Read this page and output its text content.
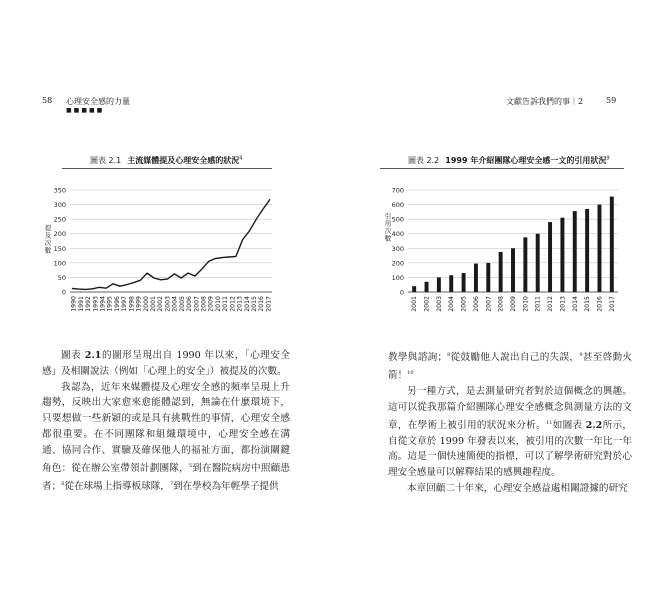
58 心理安全感的力量
■■■■■
圖表 2.1 主流媒體提及心理安全感的狀況$^4$
0
50
100
150
200
250
300
350
提
及
次
數
1990 1991 1992 1993 1994 1995 1996 1997 1998 1999 2000 2001 2002 2003 2004 2005 2006 2007 2008 2009 2010 2011 2012 2013 2014 2015 2016 2017

圖表 2.1的圖形呈現出自 1990 年以來，「心理安全感」及相關說法（例如「心理上的安全」）被提及的次數。

我認為，近年來媒體提及心理安全感的頻率呈現上升趨勢，反映出大家愈來愈能體認到，無論在什麼環境下，只要想做一些新穎的或是具有挑戰性的事情，心理安全感都很重要。在不同團隊和組織環境中，心理安全感在溝通、協同合作、實驗及確保他人的福祉方面，都扮演關鍵角色：從在辦公室帶領計劃團隊，$^5$到在醫院病房中照顧患者；$^6$從在球場上指導板球隊，$^7$到在學校為年輕學子提供

文獻告訴我們的事｜2	59
圖表 2.2 1999 年介紹團隊心理安全感一文的引用狀況$^9$
0
100
200
300
400
500
600
700
引
用
次
數
2001 2002 2003 2004 2005 2006 2007 2008 2009 2010 2011 2012 2013 2014 2015 2016 2017

教學與諮詢；$^8$從鼓勵他人說出自己的失誤，$^9$甚至啓動火箭！$^{10}$

另一種方式，是去測量研究者對於這個概念的興趣。這可以從我那篇介紹團隊心理安全感概念與測量方法的文章，在學術上被引用的狀況來分析。$^{11}$如圖表 2.2所示，自從文章於 1999 年發表以來，被引用的次數一年比一年高。這是一個快速簡便的指標，可以了解學術研究對於心理安全感量可以解釋結果的感興趣程度。

本章回顧二十年來，心理安全感益處相關證據的研究
